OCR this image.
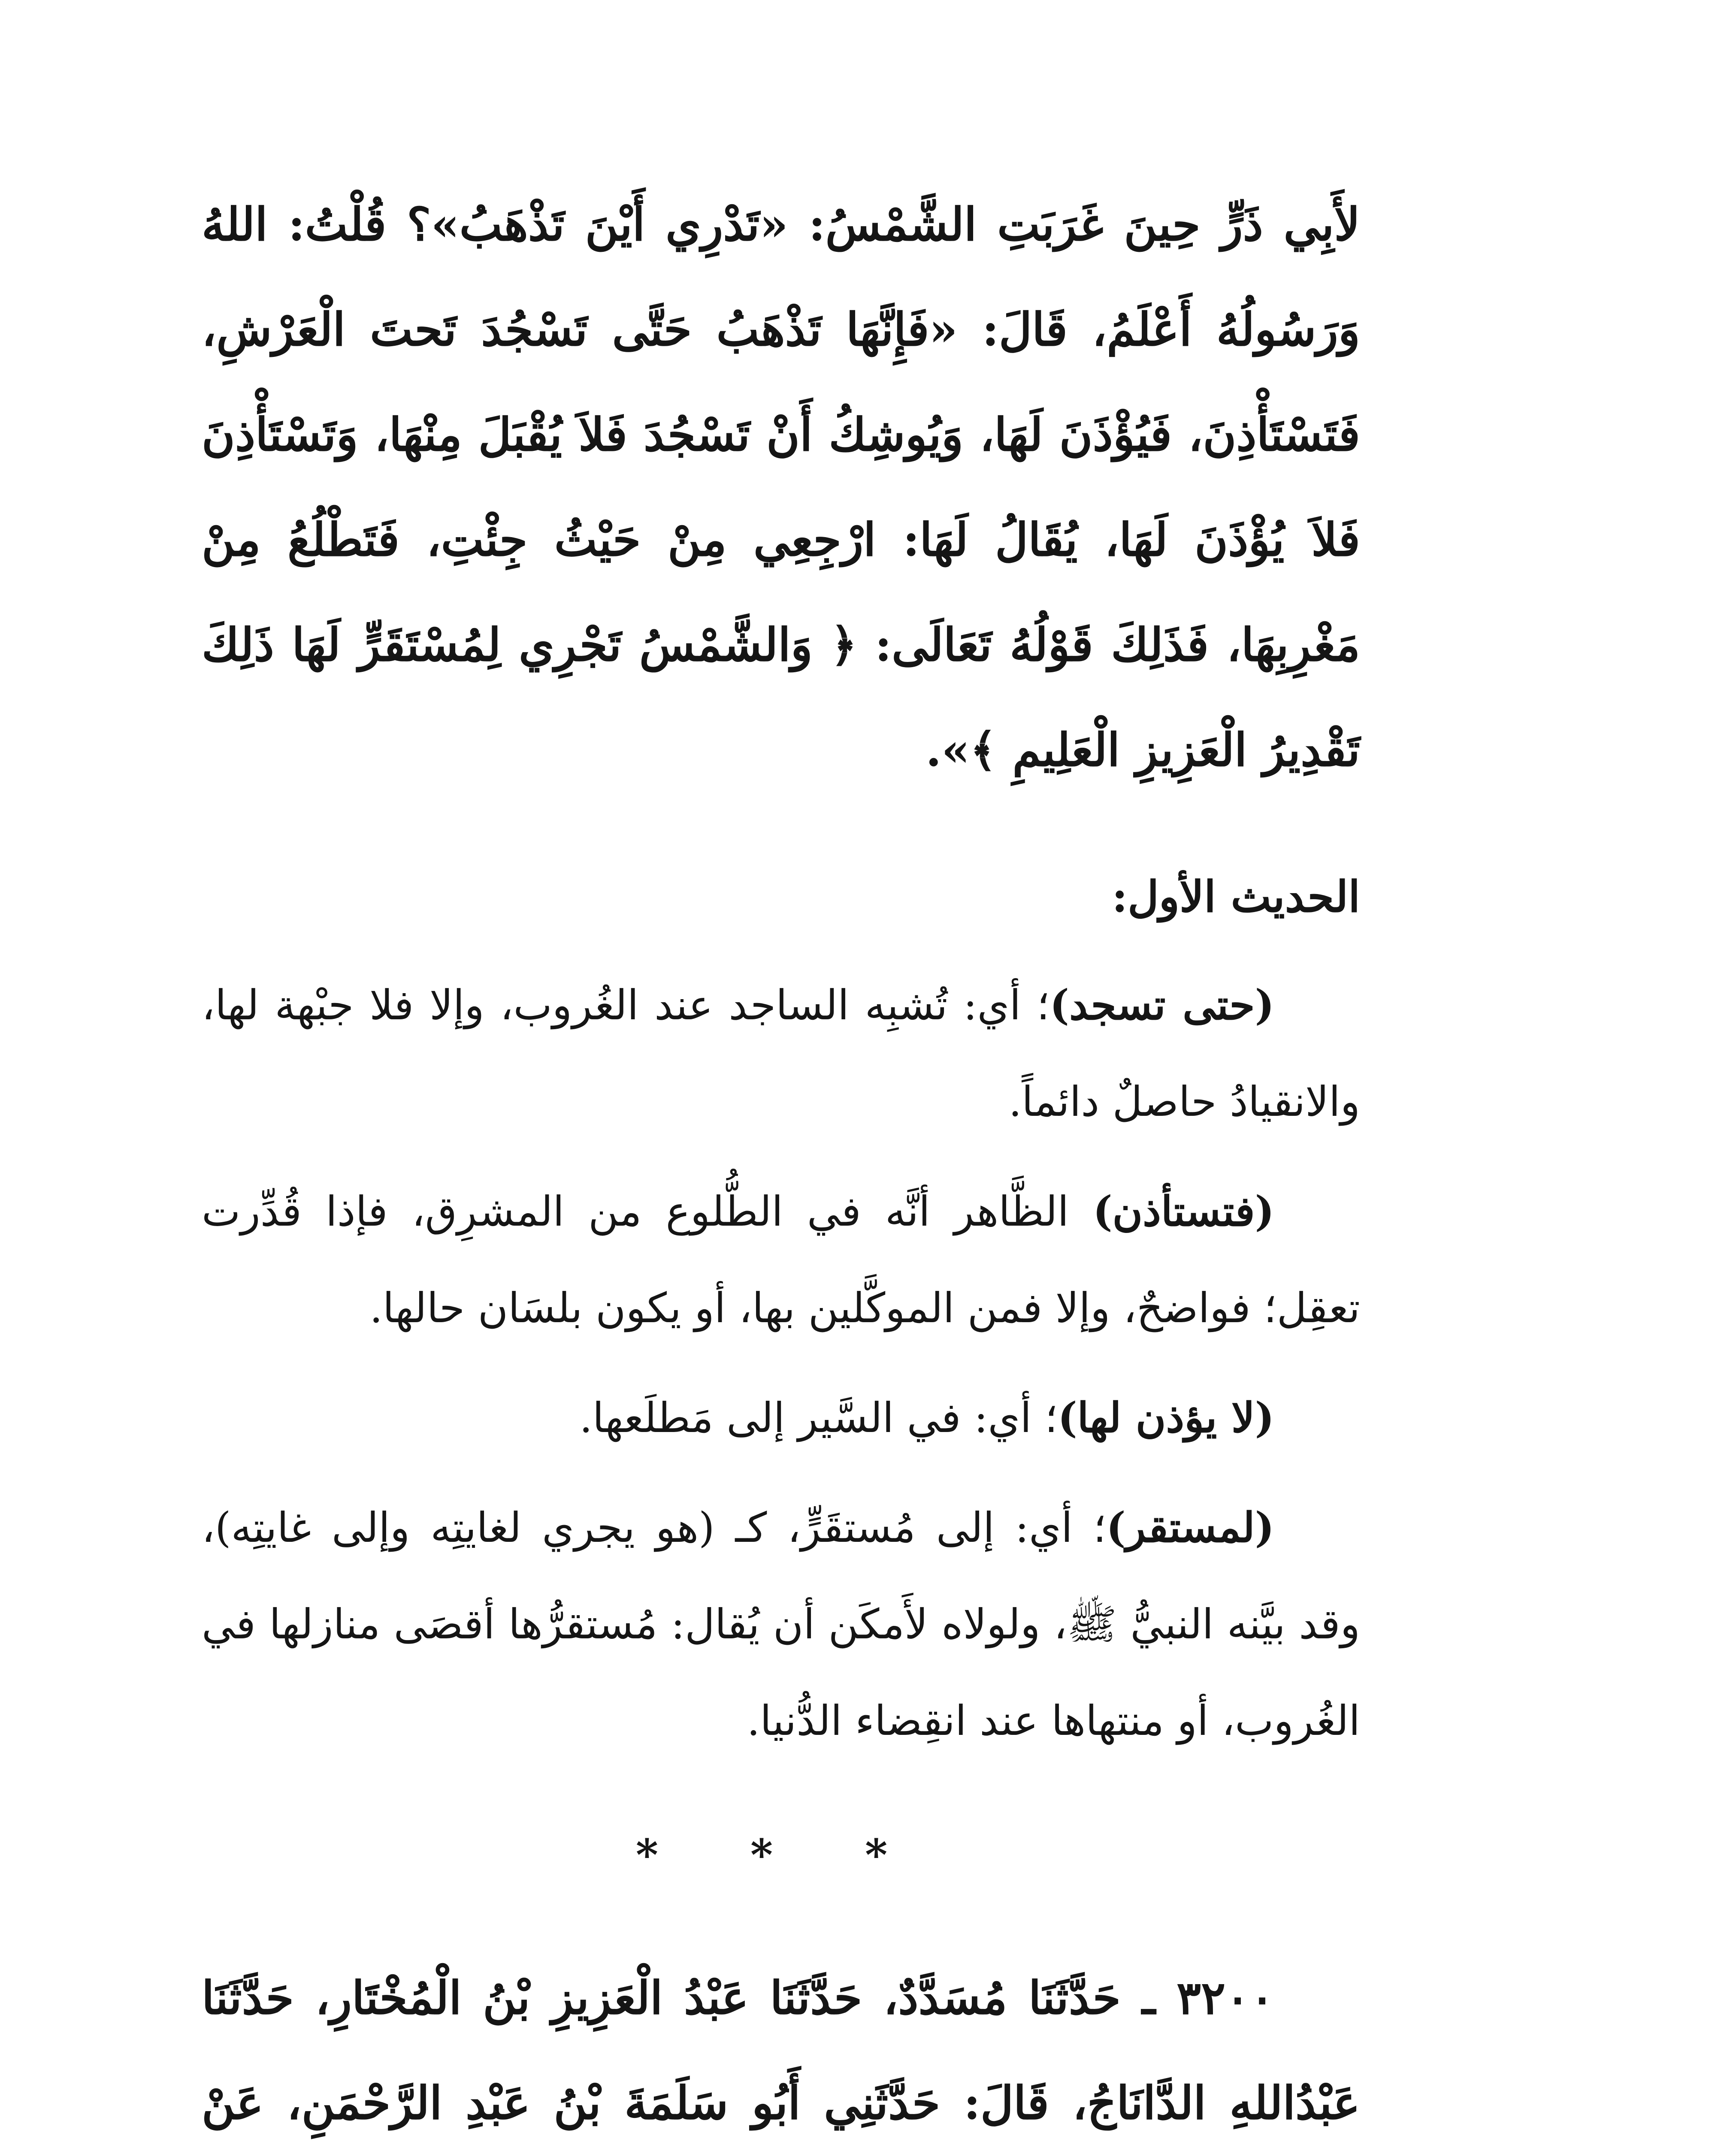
لأَبِي ذَرٍّ حِينَ غَرَبَتِ الشَّمْسُ: «تَدْرِي أَيْنَ تَذْهَبُ»؟ قُلْتُ: اللهُ وَرَسُولُهُ أَعْلَمُ، قَالَ: «فَإِنَّهَا تَذْهَبُ حَتَّى تَسْجُدَ تَحتَ الْعَرْشِ، فَتَسْتَأْذِنَ، فَيُؤْذَنَ لَهَا، وَيُوشِكُ أَنْ تَسْجُدَ فَلاَ يُقْبَلَ مِنْهَا، وَتَسْتَأْذِنَ فَلاَ يُؤْذَنَ لَهَا، يُقَالُ لَهَا: ارْجِعِي مِنْ حَيْثُ جِئْتِ، فَتَطْلُعُ مِنْ مَغْرِبِهَا، فَذَلِكَ قَوْلُهُ تَعَالَى: ﴿ وَالشَّمْسُ تَجْرِي لِمُسْتَقَرٍّ لَهَا ذَلِكَ تَقْدِيرُ الْعَزِيزِ الْعَلِيمِ ﴾».

الحديث الأول:

(حتى تسجد)؛ أي: تُشبِه الساجد عند الغُروب، وإلا فلا جبْهة لها، والانقيادُ حاصلٌ دائماً.

(فتستأذن) الظَّاهر أنَّه في الطُّلوع من المشرِق، فإذا قُدِّرت تعقِل؛ فواضحٌ، وإلا فمن الموكَّلين بها، أو يكون بلسَان حالها.

(لا يؤذن لها)؛ أي: في السَّير إلى مَطلَعها.

(لمستقر)؛ أي: إلى مُستقَرٍّ، كـ (هو يجري لغايتِه وإلى غايتِه)، وقد بيَّنه النبيُّ ﷺ، ولولاه لأَمكَن أن يُقال: مُستقرُّها أقصَى منازلها في الغُروب، أو منتهاها عند انقِضاء الدُّنيا.

* * *

٣٢٠٠ ـ حَدَّثَنَا مُسَدَّدٌ، حَدَّثَنَا عَبْدُ الْعَزِيزِ بْنُ الْمُخْتَارِ، حَدَّثَنَا عَبْدُاللهِ الدَّانَاجُ، قَالَ: حَدَّثَنِي أَبُو سَلَمَةَ بْنُ عَبْدِ الرَّحْمَنِ، عَنْ
